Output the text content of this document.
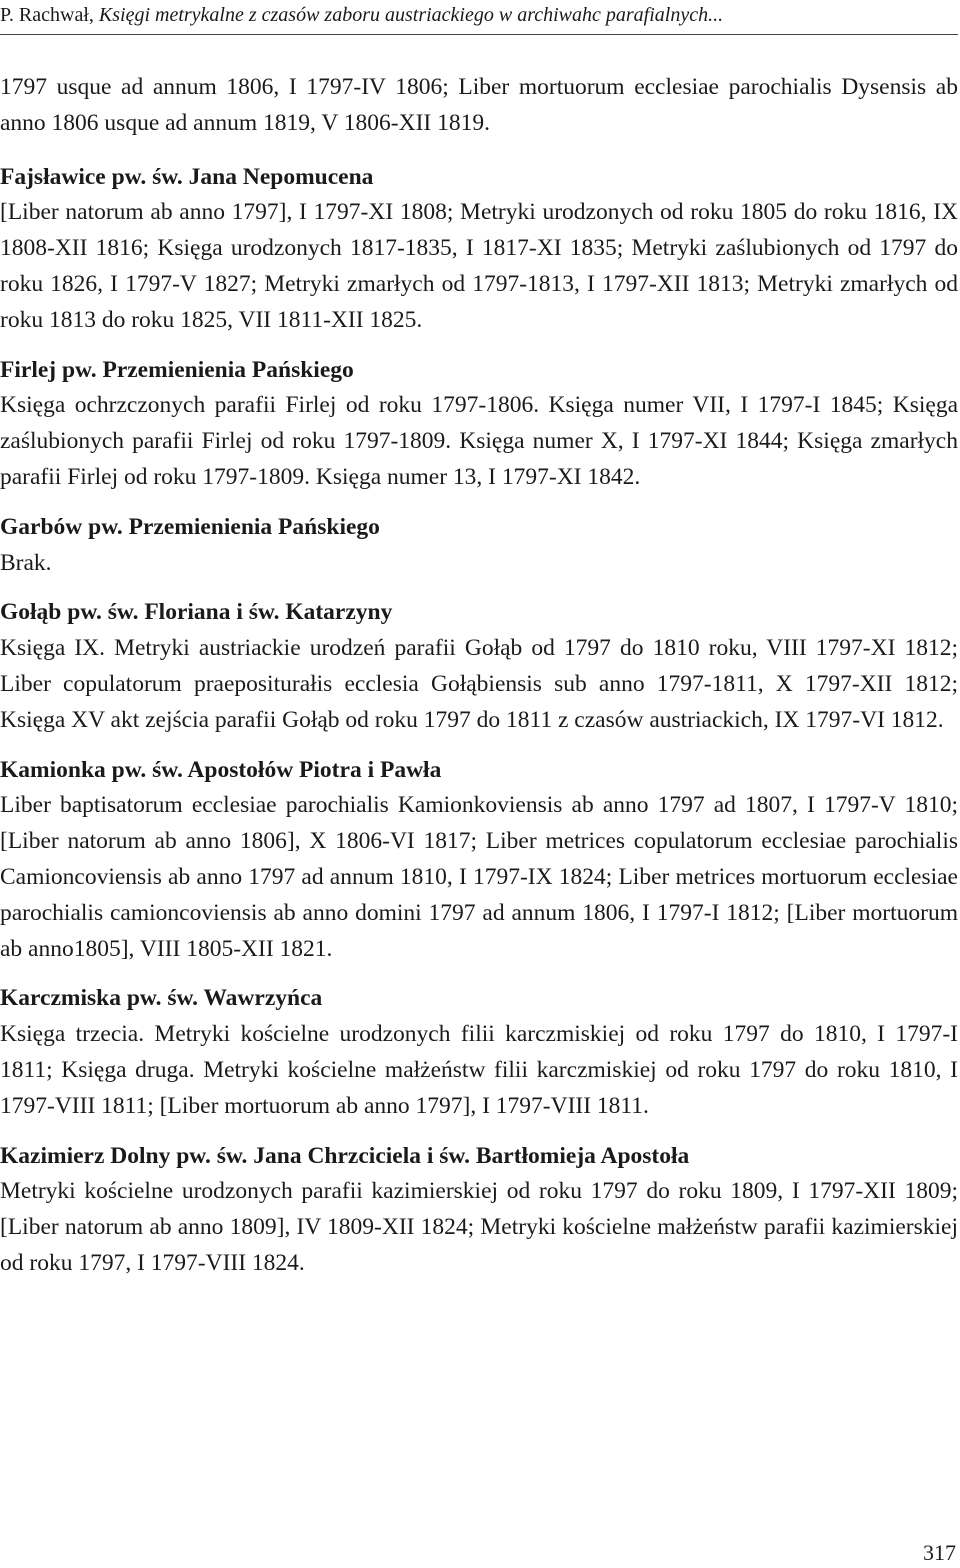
P. Rachwał, Księgi metrykalne z czasów zaboru austriackiego w archiwahc parafialnych...

1797 usque ad annum 1806, I 1797-IV 1806; Liber mortuorum ecclesiae parochialis Dysensis ab anno 1806 usque ad annum 1819, V 1806-XII 1819.

Fajsławice pw. św. Jana Nepomucena

[Liber natorum ab anno 1797], I 1797-XI 1808; Metryki urodzonych od roku 1805 do roku 1816, IX 1808-XII 1816; Księga urodzonych 1817-1835, I 1817-XI 1835; Metryki zaślubionych od 1797 do roku 1826, I 1797-V 1827; Metryki zmarłych od 1797-1813, I 1797-XII 1813; Metryki zmarłych od roku 1813 do roku 1825, VII 1811-XII 1825.

Firlej pw. Przemienienia Pańskiego

Księga ochrzczonych parafii Firlej od roku 1797-1806. Księga numer VII, I 1797-I 1845; Księga zaślubionych parafii Firlej od roku 1797-1809. Księga numer X, I 1797-XI 1844; Księga zmarłych parafii Firlej od roku 1797-1809. Księga numer 13, I 1797-XI 1842.

Garbów pw. Przemienienia Pańskiego

Brak.

Gołąb pw. św. Floriana i św. Katarzyny

Księga IX. Metryki austriackie urodzeń parafii Gołąb od 1797 do 1810 roku, VIII 1797-XI 1812; Liber copulatorum praepositurałis ecclesia Gołąbiensis sub anno 1797-1811, X 1797-XII 1812; Księga XV akt zejścia parafii Gołąb od roku 1797 do 1811 z czasów austriackich, IX 1797-VI 1812.

Kamionka pw. św. Apostołów Piotra i Pawła

Liber baptisatorum ecclesiae parochialis Kamionkoviensis ab anno 1797 ad 1807, I 1797-V 1810; [Liber natorum ab anno 1806], X 1806-VI 1817; Liber metrices copulatorum ecclesiae parochialis Camioncoviensis ab anno 1797 ad annum 1810, I 1797-IX 1824; Liber metrices mortuorum ecclesiae parochialis camioncoviensis ab anno domini 1797 ad annum 1806, I 1797-I 1812; [Liber mortuorum ab anno1805], VIII 1805-XII 1821.

Karczmiska pw. św. Wawrzyńca

Księga trzecia. Metryki kościelne urodzonych filii karczmiskiej od roku 1797 do 1810, I 1797-I 1811; Księga druga. Metryki kościelne małżeństw filii karczmiskiej od roku 1797 do roku 1810, I 1797-VIII 1811; [Liber mortuorum ab anno 1797], I 1797-VIII 1811.

Kazimierz Dolny pw. św. Jana Chrzciciela i św. Bartłomieja Apostoła

Metryki kościelne urodzonych parafii kazimierskiej od roku 1797 do roku 1809, I 1797-XII 1809; [Liber natorum ab anno 1809], IV 1809-XII 1824; Metryki kościelne małżeństw parafii kazimierskiej od roku 1797, I 1797-VIII 1824.

317
